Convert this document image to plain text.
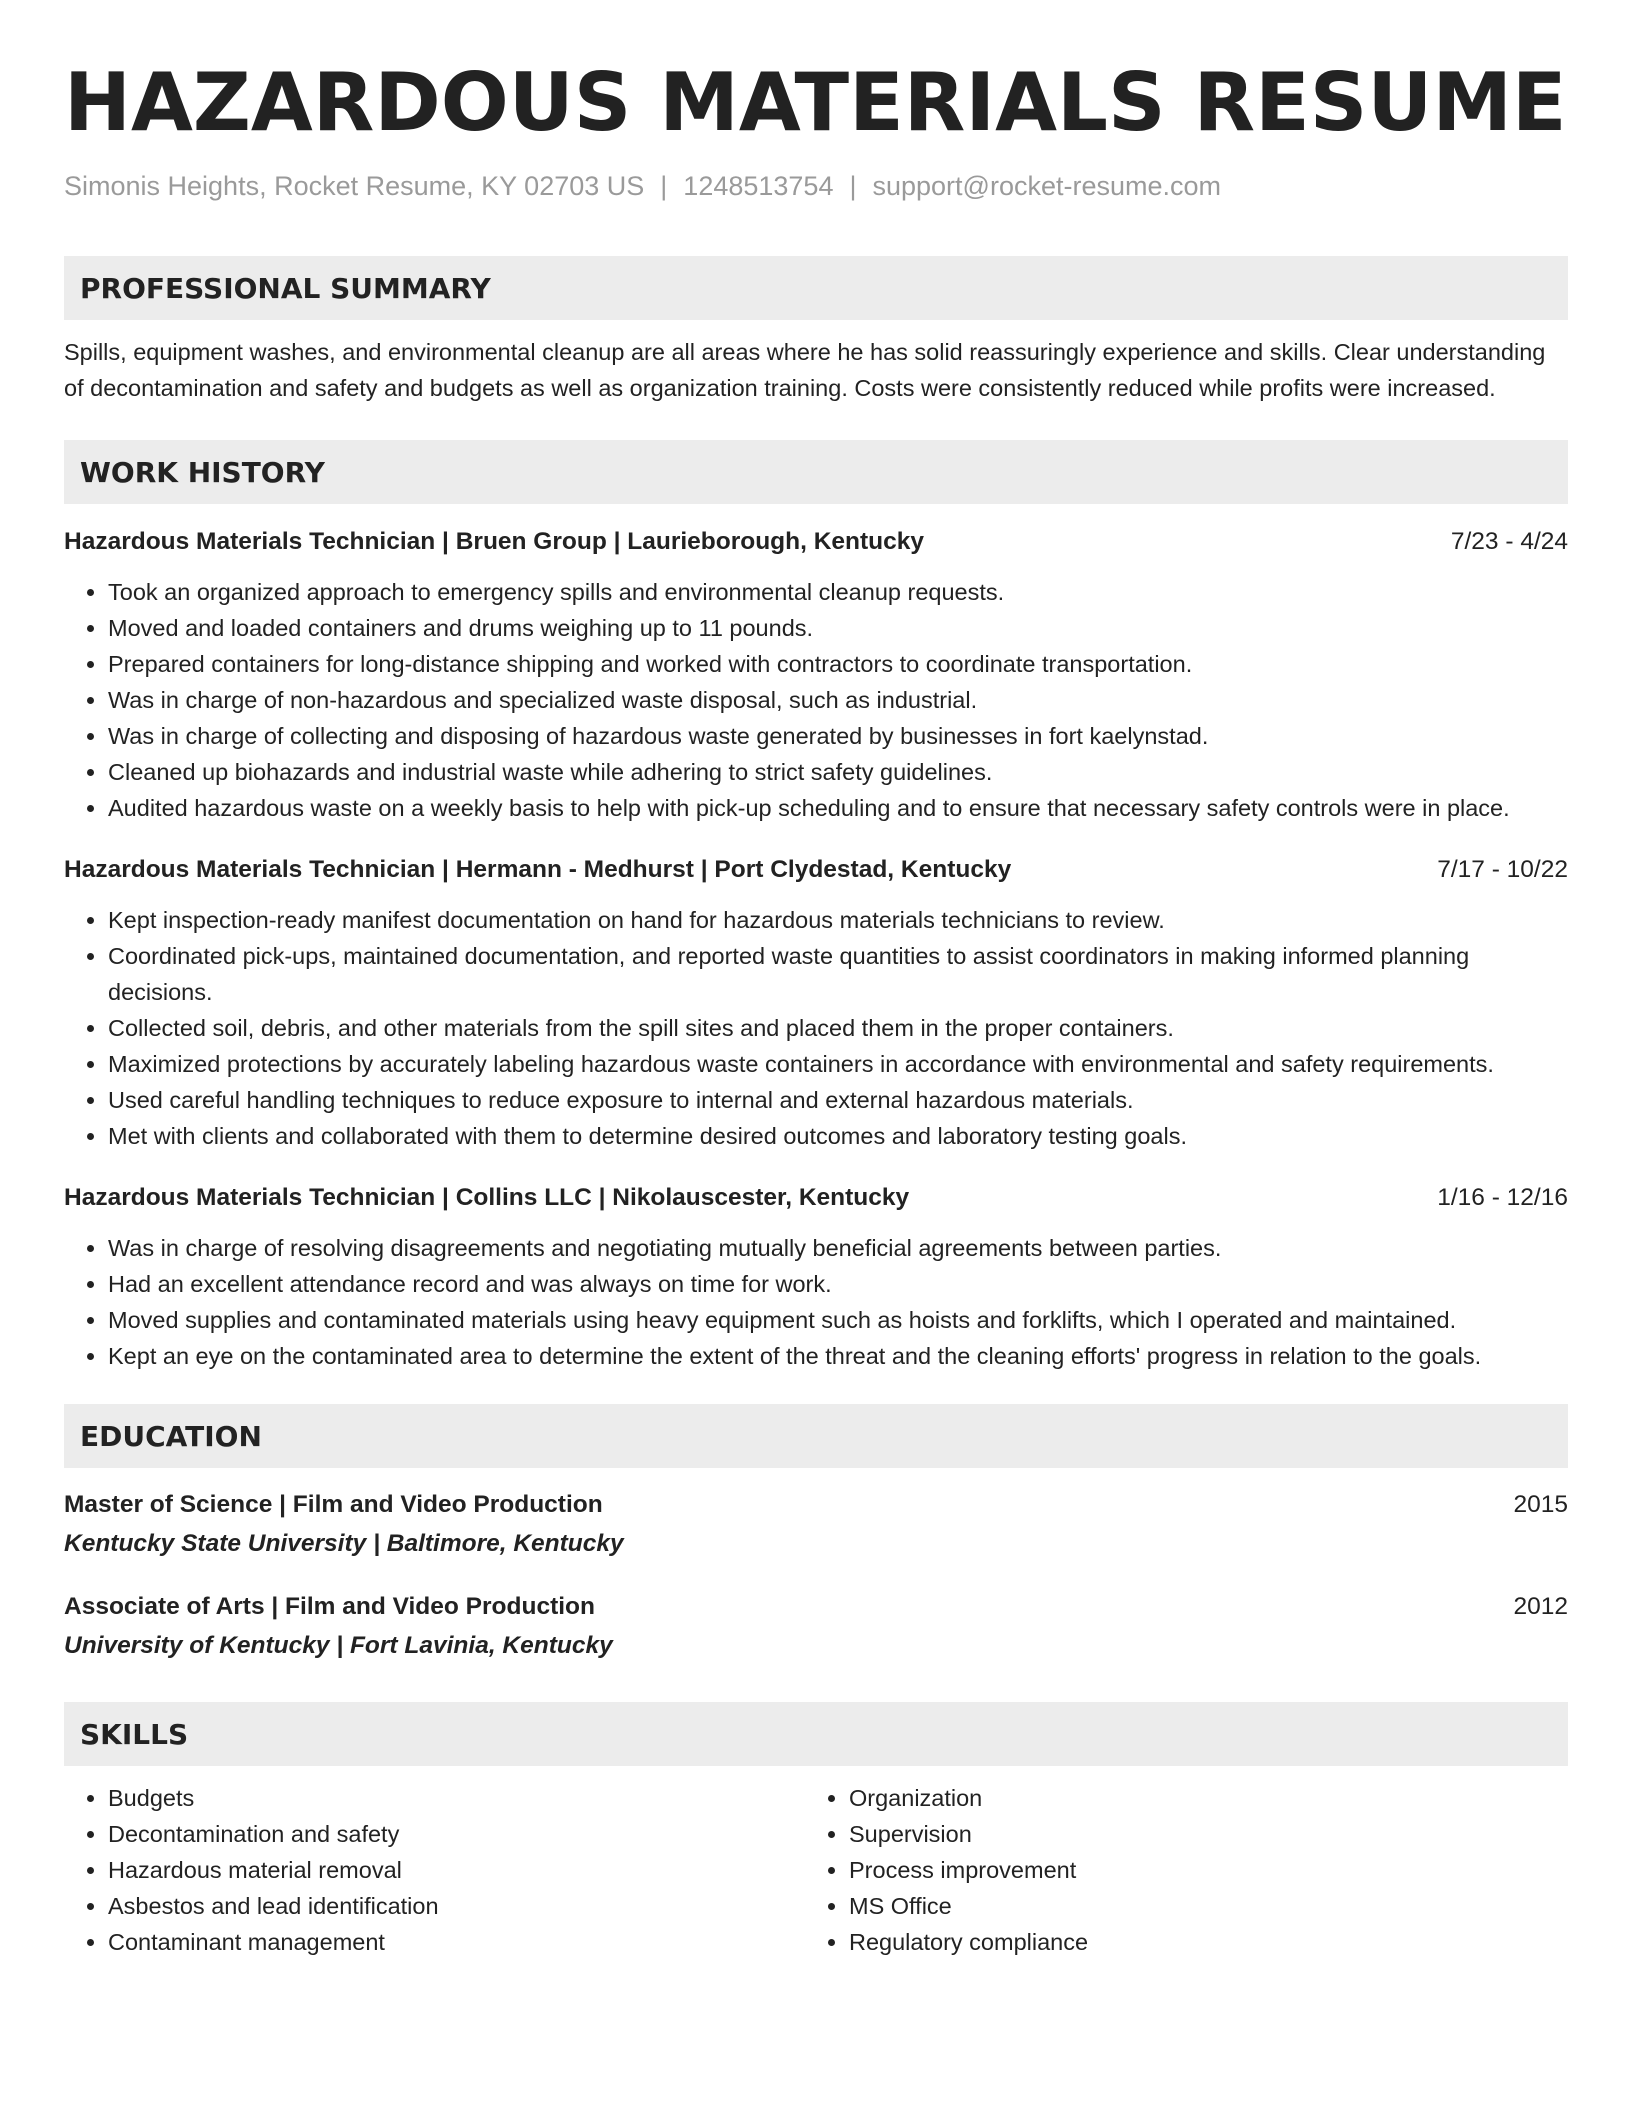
HAZARDOUS MATERIALS RESUME
Simonis Heights, Rocket Resume, KY 02703 US | 1248513754 | support@rocket-resume.com
PROFESSIONAL SUMMARY

Spills, equipment washes, and environmental cleanup are all areas where he has solid reassuringly experience and skills. Clear understanding of decontamination and safety and budgets as well as organization training. Costs were consistently reduced while profits were increased.

WORK HISTORY
Hazardous Materials Technician | Bruen Group | Laurieborough, Kentucky	7/23 - 4/24
• Took an organized approach to emergency spills and environmental cleanup requests.
• Moved and loaded containers and drums weighing up to 11 pounds.
• Prepared containers for long-distance shipping and worked with contractors to coordinate transportation.
• Was in charge of non-hazardous and specialized waste disposal, such as industrial.
• Was in charge of collecting and disposing of hazardous waste generated by businesses in fort kaelynstad.
• Cleaned up biohazards and industrial waste while adhering to strict safety guidelines.
• Audited hazardous waste on a weekly basis to help with pick-up scheduling and to ensure that necessary safety controls were in place.
Hazardous Materials Technician | Hermann - Medhurst | Port Clydestad, Kentucky	7/17 - 10/22
• Kept inspection-ready manifest documentation on hand for hazardous materials technicians to review.
• Coordinated pick-ups, maintained documentation, and reported waste quantities to assist coordinators in making informed planning decisions.
• Collected soil, debris, and other materials from the spill sites and placed them in the proper containers.
• Maximized protections by accurately labeling hazardous waste containers in accordance with environmental and safety requirements.
• Used careful handling techniques to reduce exposure to internal and external hazardous materials.
• Met with clients and collaborated with them to determine desired outcomes and laboratory testing goals.
Hazardous Materials Technician | Collins LLC | Nikolauscester, Kentucky	1/16 - 12/16
• Was in charge of resolving disagreements and negotiating mutually beneficial agreements between parties.
• Had an excellent attendance record and was always on time for work.
• Moved supplies and contaminated materials using heavy equipment such as hoists and forklifts, which I operated and maintained.
• Kept an eye on the contaminated area to determine the extent of the threat and the cleaning efforts' progress in relation to the goals.
EDUCATION
Master of Science | Film and Video Production	2015
Kentucky State University | Baltimore, Kentucky
Associate of Arts | Film and Video Production	2012
University of Kentucky | Fort Lavinia, Kentucky
SKILLS
• Budgets
• Decontamination and safety
• Hazardous material removal
• Asbestos and lead identification
• Contaminant management
• Organization
• Supervision
• Process improvement
• MS Office
• Regulatory compliance
